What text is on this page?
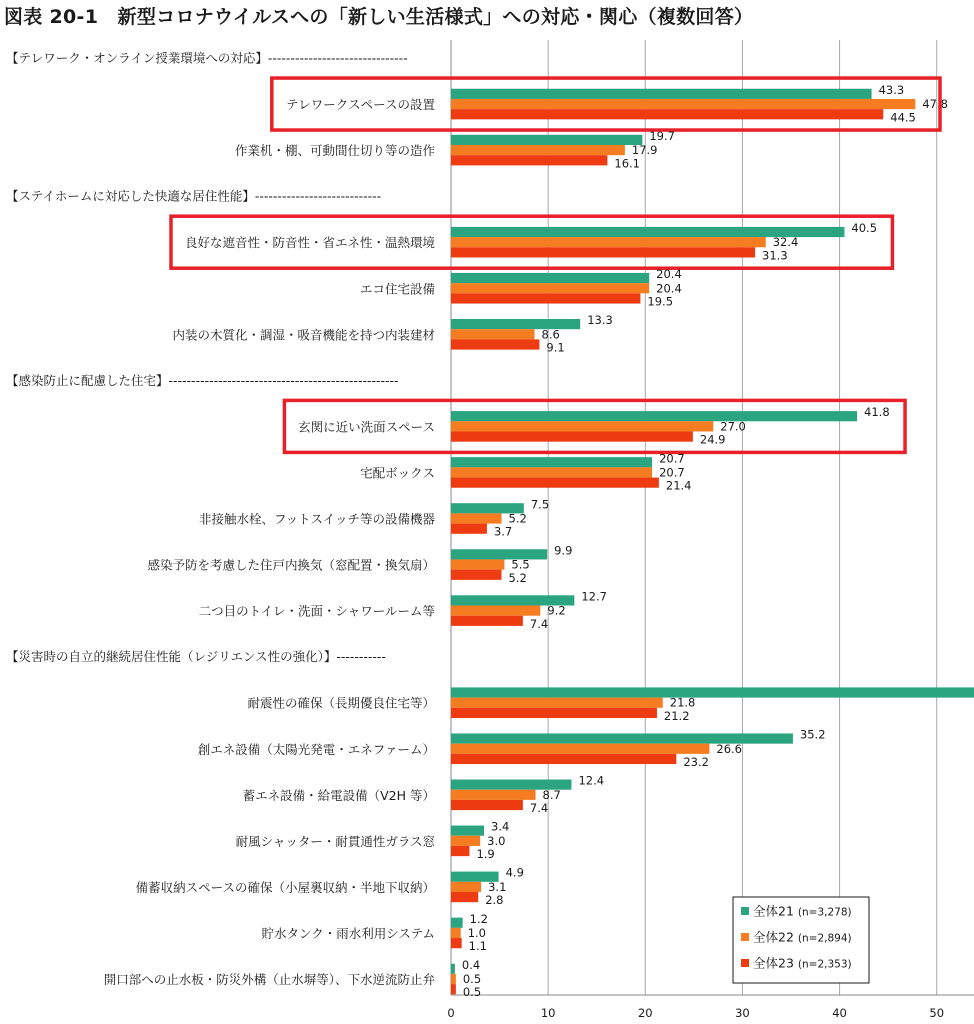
図表 20-1　新型コロナウイルスへの「新しい生活様式」への対応・関心（複数回答）
0	10	20	30	40	50
【テレワーク・オンライン授業環境への対応】-------------------------------
テレワークスペースの設置
43.3
47.8
44.5
作業机・棚、可動間仕切り等の造作
19.7
17.9
16.1
【ステイホームに対応した快適な居住性能】----------------------------
良好な遮音性・防音性・省エネ性・温熱環境
40.5
32.4
31.3
エコ住宅設備
20.4
20.4
19.5
内装の木質化・調湿・吸音機能を持つ内装建材
13.3
8.6
9.1
【感染防止に配慮した住宅】---------------------------------------------------
玄関に近い洗面スペース
41.8
27.0
24.9
宅配ボックス
20.7
20.7
21.4
非接触水栓、フットスイッチ等の設備機器
7.5
5.2
3.7
感染予防を考慮した住戸内換気（窓配置・換気扇）
9.9
5.5
5.2
二つ目のトイレ・洗面・シャワールーム等
12.7
9.2
7.4
【災害時の自立的継続居住性能（レジリエンス性の強化）】-----------
耐震性の確保（長期優良住宅等）	21.8
21.2
創エネ設備（太陽光発電・エネファーム）
35.2
26.6
23.2
蓄エネ設備・給電設備（V2H 等）
12.4
8.7
7.4
耐風シャッター・耐貫通性ガラス窓
3.4
3.0
1.9
備蓄収納スペースの確保（小屋裏収納・半地下収納）
4.9
3.1
2.8
貯水タンク・雨水利用システム
1.2
1.0
1.1
開口部への止水板・防災外構（止水塀等）、下水逆流防止弁
0.4
0.5
0.5
全体21 (n=3,278)
全体22 (n=2,894)
全体23 (n=2,353)
